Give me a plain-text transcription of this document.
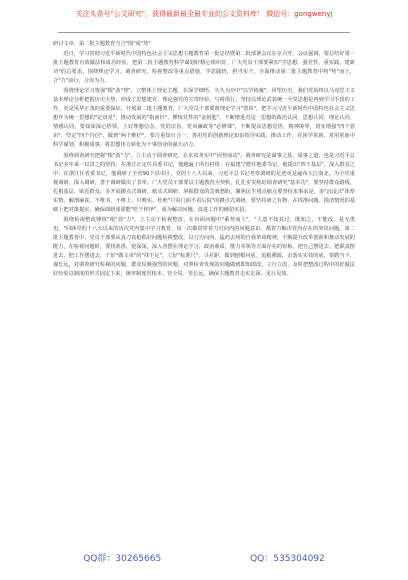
关注头条号"公文研究"，获得最新最全最专业的公文资料库！ 微信号：gongwenyj
研讨文章：第二批主题教育当合"围"成"势"

近日，学习贯彻习近平新时代中国特色社会主义思想主题教育第一批总结暨第二批部署会议在京召开。会议强调，要总结好第一批主题教育有效做法和成功经验，把第二批主题教育科学谋划好精心组织好。广大党员干部要紧扣"学思想、强党性、重实践、建新功"的总要求，围绕理论学习、调查研究、检视整改等重点措施，学思践悟，担当实干，全面推动第二批主题教育中将"势"而上，合"力"前行，合攻为力。

围绕理论学习筑强"根"劲"势"，立整体上理论主题，在深学细悟、久久为功中"以学铸魂"。回望历史，我们党始终以马克思主义基本理论分析把握历史大势，形成了思想建党、理论强党的宝贵经验。与时俱行，坚持以理论武装统一全党思想是再到学习手段的工作，更是风华正茂的重要保证。开展第二批主题教育，广大党员干部要将理论学习"置顶"，把学习习近平新时代中国特色社会主义思想作为统一思想的"定盘星"，推动发展的"指南针"，锤炼党性的"金钥匙"，不断增进对这一思想的政治认同、思想认同、理论认同、情感认同。要知深深心悟领，上好理想信念、党的宗旨、党风廉政等"必修课"，不断提高思想觉悟、精神境界，切实增强"四个意识"、坚定"四个自信"、做到"两个维护"。要注重知行合一，善用党的创新理论知识指导实践，推动工作，在读学常新、常用常新中科学谋划、积极成事，将思想伟力转化为干事创业的强大动力。

围绕调查研究把握"根"劲"力"，立主动于调查研究，在求真务实中"因势而动"。调查研究是谋事之基、成事之道，也是习近平总书记多年来一以贯之的坚持；在浙江正定任县委书记，他跑遍了所有村组；在福建宁德任地委书记，他提出"四下基层"，深入群众之中；在浙江任省委书记，他调研了全省90个县市区，党的十八大以来，习近平总书记考察调研的足迹更是遍布大江南北。为全党重视调研、深入调研，善于调研做出了表率。广大党员干部要以主题教育为契机，扎扎实实练好调查研究"基本功"，要坚持群众路线，扎根基层、贴近群众，多开展蹲点式调研、纸头式调研，掌握群众的急难愁盼，聚焦民生堵点痛点要坚持求事求是，多"沉浸式"体察实情，解剖麻雀，不唯书、不唯上、只唯实，杜绝"只看门面不看后院"的蹲点式调研，要坚持研之有物，在找准问题、摸清情况的基础上把对策提实，确保调研成果能"吃干榨净"，成为解决问题、改进工作的硬招实招。

围绕检视整改锤炼"根"劲"力"，立主动于检视整改，在直面问题中"乘势而上"，"人患不知其过，既知之，不能改，是无勇也。"回顾党的十八大以来的历次党内集中学习教育，每一次都贯穿着刀刃向内的问题意识。都着力解决党内存在的突出问题。第二批主题教育中，党员干部要从真刀真枪抓好问题检视整改，以刀刃向内、猛药去疴的自我革命精神，不断提升改革创新和推动发展的能力，在检视问题时，要找准准、挖深深，深入查摆在理论学习、政治素质、能力本领等方面存在的短板，把自己摆进去、把职责摆进去、把工作摆进去，干好"做文章"的"找不足"，立好"标准尺"，寻差距，做到刨根问底，追根溯源，击落实实效的底，要聘当下，谋长远，对调查研究检视的问题、群众反映强烈的问题、对照检查发现的问题做到即知即改、立行立改，及时把整改过程中的好做法好经验以制度的形式固定下来，统率制度管根本、管全局、管长远，确保主题教育走实走深、见行见效。

QQ群：30265665	QQ：535304092
